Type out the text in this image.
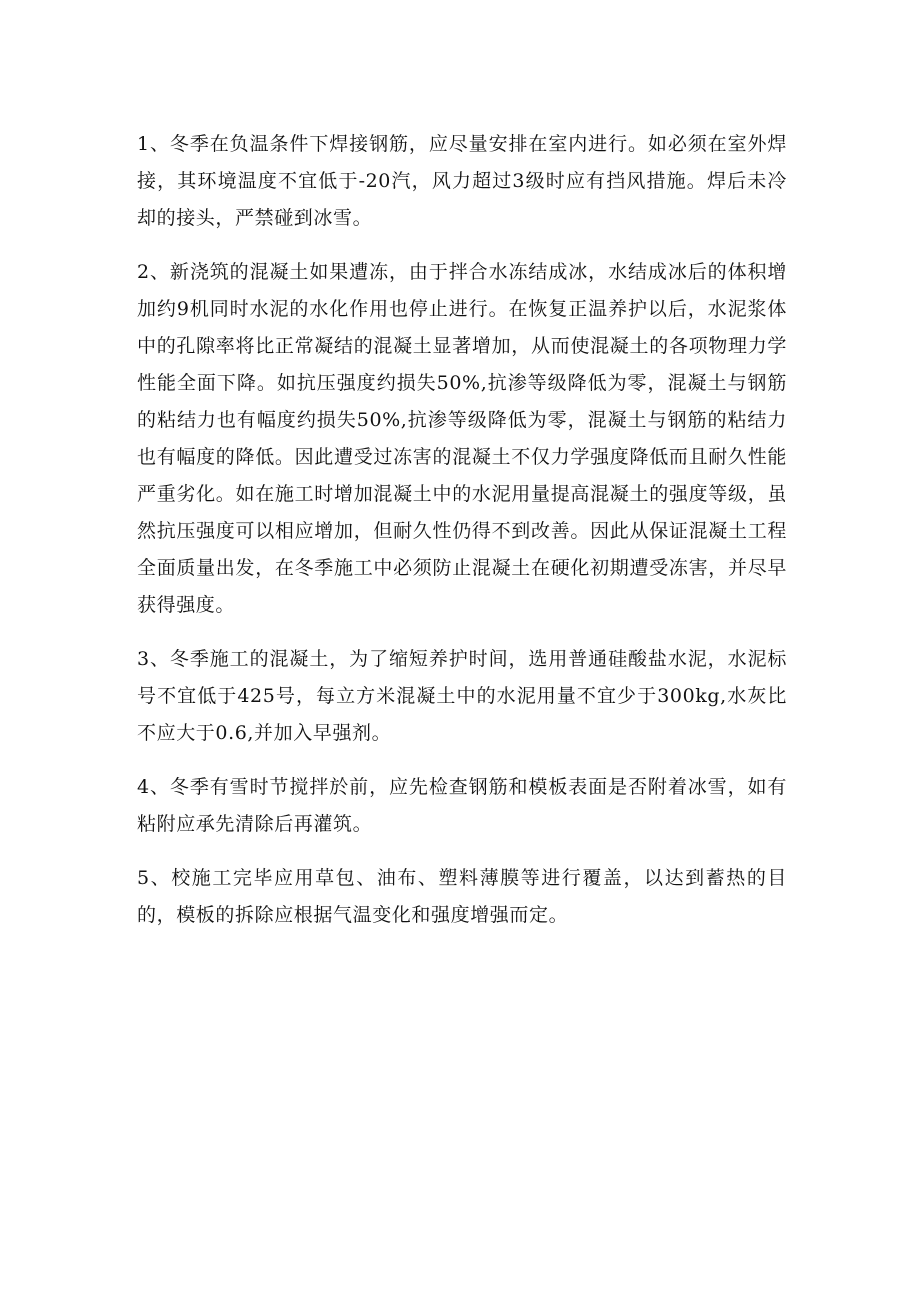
1、冬季在负温条件下焊接钢筋，应尽量安排在室内进行。如必须在室外焊接，其环境温度不宜低于-20汽，风力超过3级时应有挡风措施。焊后未冷却的接头，严禁碰到冰雪。

2、新浇筑的混凝土如果遭冻，由于拌合水冻结成冰，水结成冰后的体积增加约9机同时水泥的水化作用也停止进行。在恢复正温养护以后，水泥浆体中的孔隙率将比正常凝结的混凝土显著增加，从而使混凝土的各项物理力学性能全面下降。如抗压强度约损失50%,抗渗等级降低为零，混凝土与钢筋的粘结力也有幅度约损失50%,抗渗等级降低为零，混凝土与钢筋的粘结力也有幅度的降低。因此遭受过冻害的混凝土不仅力学强度降低而且耐久性能严重劣化。如在施工时增加混凝土中的水泥用量提高混凝土的强度等级，虽然抗压强度可以相应增加，但耐久性仍得不到改善。因此从保证混凝土工程全面质量出发，在冬季施工中必须防止混凝土在硬化初期遭受冻害，并尽早获得强度。

3、冬季施工的混凝土，为了缩短养护时间，选用普通硅酸盐水泥，水泥标号不宜低于425号，每立方米混凝土中的水泥用量不宜少于300kg,水灰比不应大于0.6,并加入早强剂。

4、冬季有雪时节搅拌於前，应先检查钢筋和模板表面是否附着冰雪，如有粘附应承先清除后再灌筑。

5、校施工完毕应用草包、油布、塑料薄膜等进行覆盖，以达到蓄热的目的，模板的拆除应根据气温变化和强度增强而定。
